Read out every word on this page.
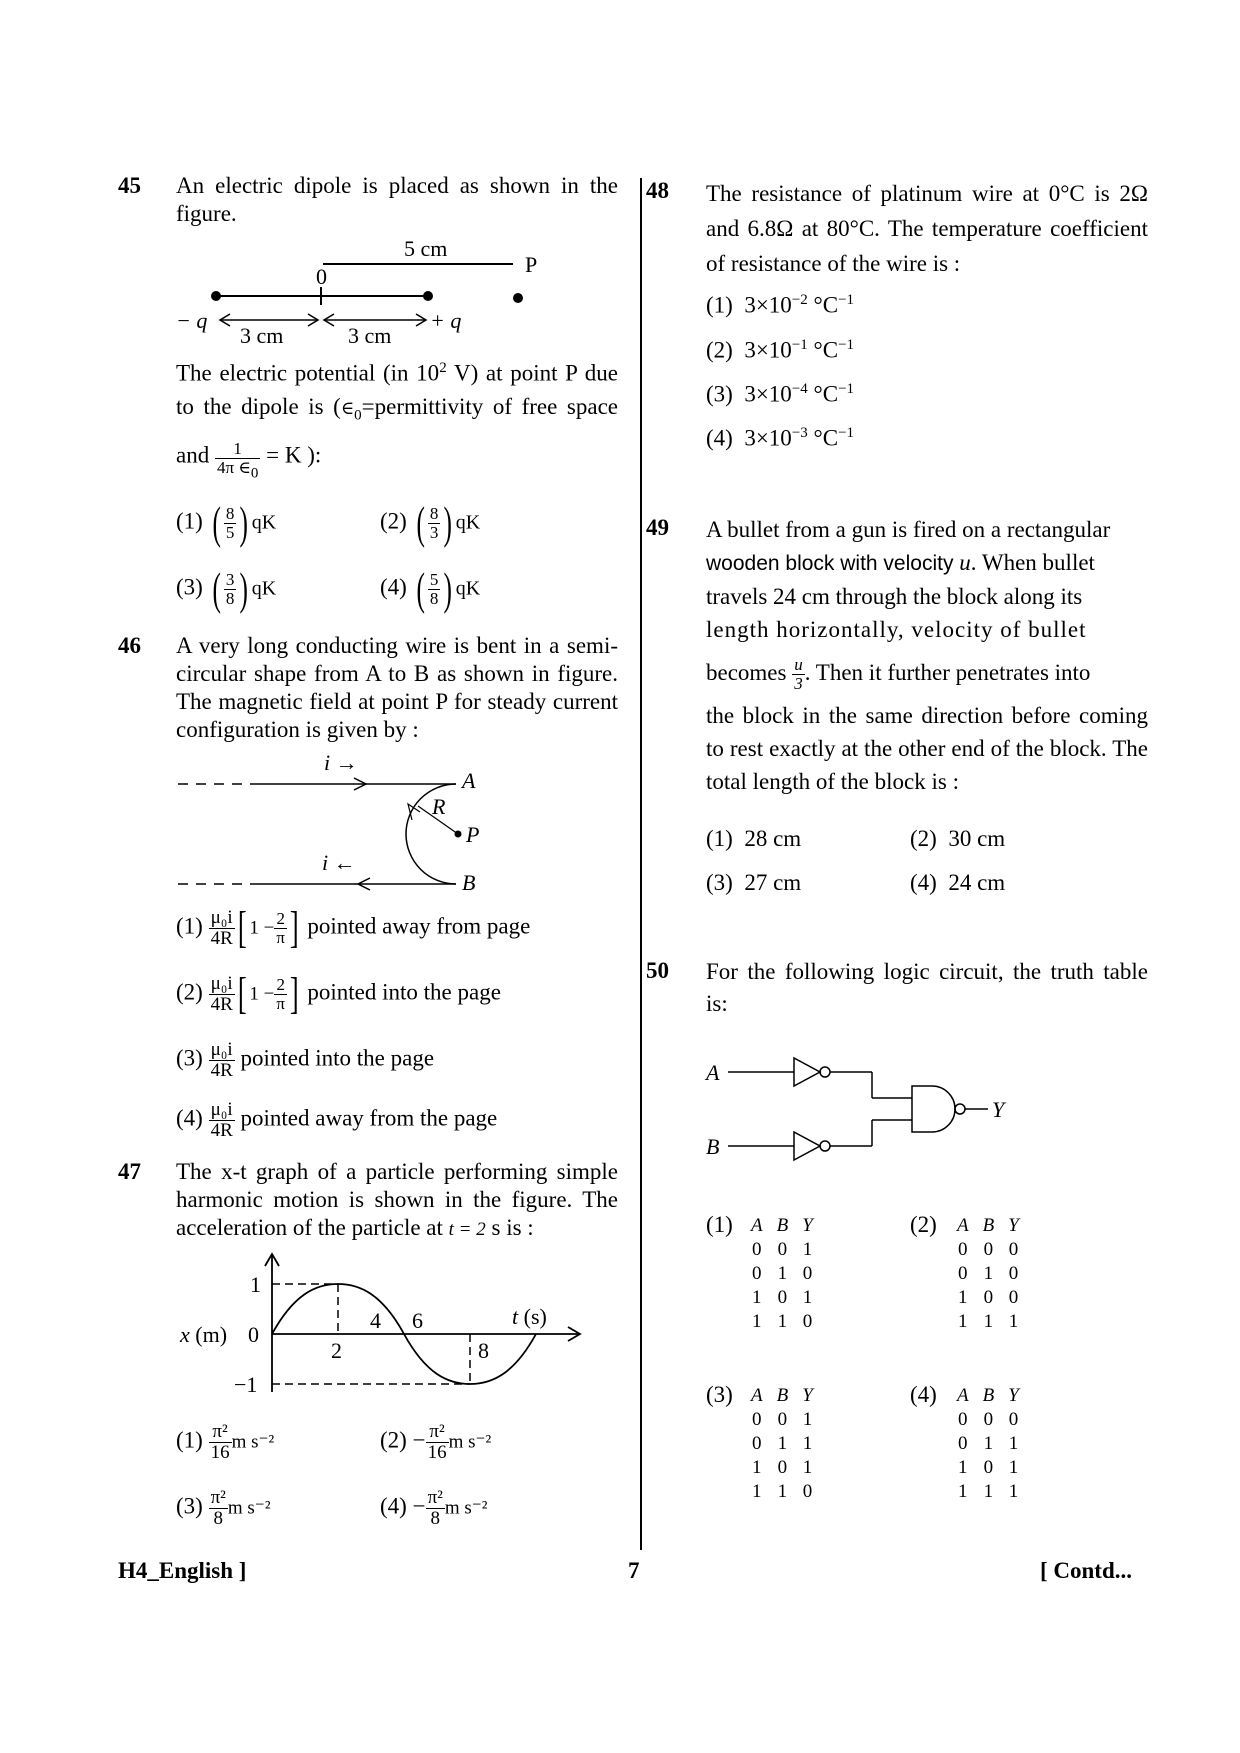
45 An electric dipole is placed as shown in the figure.
5 cm
P
0
− q	+ q
3 cm	3 cm
The electric potential (in $10^2$ V) at point P due to the dipole is ($\in_0=permittivity$ of free space and $\frac{1}{4\pi \in_0} = K$ ):
(1) ( $\frac{8}{5}$ ) qK	(2) ( $\frac{8}{3}$ ) qK
(3) ( $\frac{3}{8}$ ) qK	(4) ( $\frac{5}{8}$ ) qK
46 A very long conducting wire is bent in a semi-circular shape from A to B as shown in figure. The magnetic field at point P for steady current configuration is given by :
i →
i ←
A
B
R
P
$(1) \frac{\text{μ₀i}}{4R}$ [ $1 - \frac{2}{\pi}$ ] pointed away from page
$(2) \frac{\text{μ₀i}}{4R}$ [ $1 - \frac{2}{\pi}$ ] pointed into the page
$(3) \frac{\text{μ₀i}}{4R}$ pointed into the page
$(4) \frac{\text{μ₀i}}{4R}$ pointed away from the page
47 The x-t graph of a particle performing simple harmonic motion is shown in the figure. The acceleration of the particle at t = 2 s is :
1
0
−1
x (m)
t (s)
2
4 6
8
$(1) \frac{\text{π²}}{16}$ m s⁻²	$(2) - \frac{\text{π²}}{16}$ m s⁻²
$(3) \frac{\text{π²}}{8}$ m s⁻²	$(4) - \frac{\text{π²}}{8}$ m s⁻²
48 The resistance of platinum wire at 0°C is 2Ω and 6.8Ω at 80°C. The temperature coefficient of resistance of the wire is :
(1) $3\times 10^{-2}$ $^\circ C^{-1}$
(2) $3\times 10^{-1}$ $^\circ C^{-1}$
(3) $3\times 10^{-4}$ $^\circ C^{-1}$
(4) $3\times 10^{-3}$ $^\circ C^{-1}$
49 A bullet from a gun is fired on a rectangular
wooden block with velocity u. When bullet
travels 24 cm through the block along its
length horizontally, velocity of bullet
becomes $\frac{u}{3}$ . Then it further penetrates into
the block in the same direction before coming to rest exactly at the other end of the block. The total length of the block is :
(1) 28 cm	(2) 30 cm
(3) 27 cm	(4) 24 cm
50 For the following logic circuit, the truth table is:
A
B
Y
(1) A	B	Y
0	0	1
0	1	0
1	0	1
1	1	0
(2) A	B	Y
0	0	0
0	1	0
1	0	0
1	1	1
(3) A	B	Y
0	0	1
0	1	1
1	0	1
1	1	0
(4) A	B	Y
0	0	0
0	1	1
1	0	1
1	1	1
H4_English ]	7	[ Contd...
